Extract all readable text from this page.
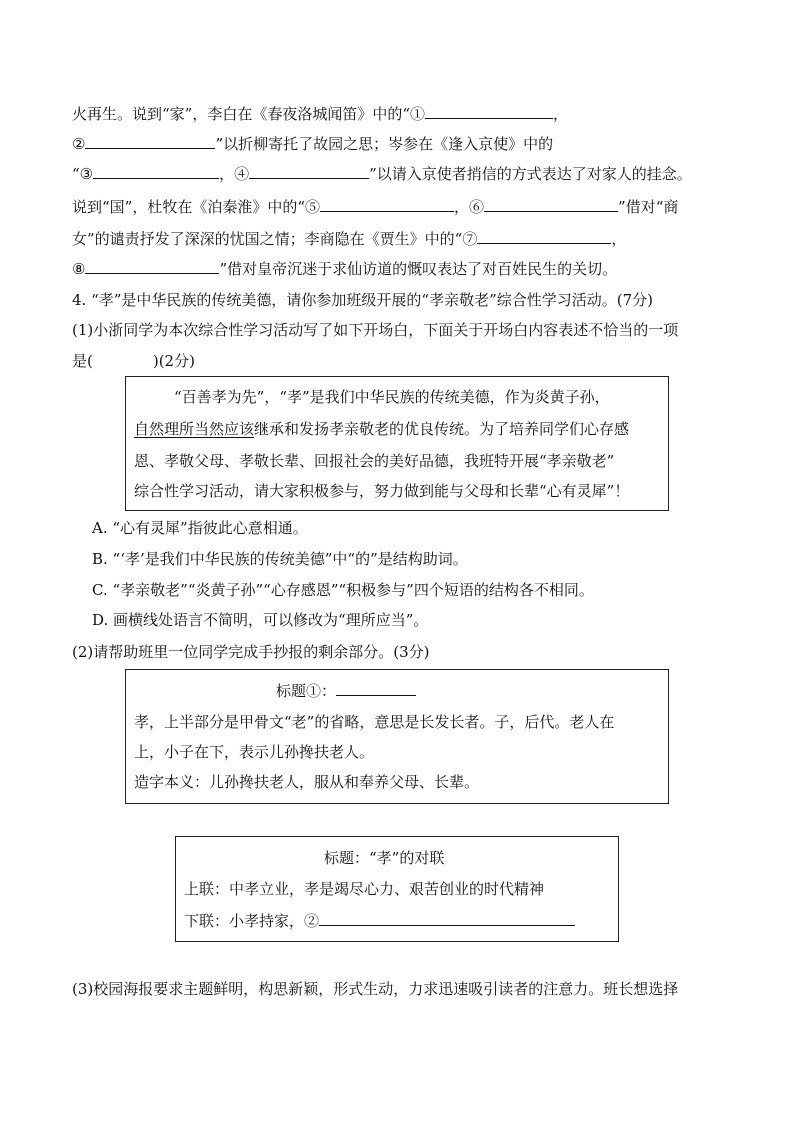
火再生。说到“家”，李白在《春夜洛城闻笛》中的“①	，
②	”以折柳寄托了故园之思；岑参在《逢入京使》中的
“③	，④	”以请入京使者捎信的方式表达了对家人的挂念。
说到“国”，杜牧在《泊秦淮》中的“⑤	，⑥	”借对“商
女”的谴责抒发了深深的忧国之情；李商隐在《贾生》中的“⑦	，
⑧	”借对皇帝沉迷于求仙访道的慨叹表达了对百姓民生的关切。
4. “孝”是中华民族的传统美德，请你参加班级开展的“孝亲敬老”综合性学习活动。(7分)
(1)小浙同学为本次综合性学习活动写了如下开场白，下面关于开场白内容表述不恰当的一项
是(　　　　)(2分)
“百善孝为先”，“孝”是我们中华民族的传统美德，作为炎黄子孙，
自然理所当然应该继承和发扬孝亲敬老的优良传统。为了培养同学们心存感
恩、孝敬父母、孝敬长辈、回报社会的美好品德，我班特开展“孝亲敬老”
综合性学习活动，请大家积极参与，努力做到能与父母和长辈“心有灵犀”！
A. “心有灵犀”指彼此心意相通。
B. “‘孝’是我们中华民族的传统美德”中“的”是结构助词。
C. “孝亲敬老”“炎黄子孙”“心存感恩”“积极参与”四个短语的结构各不相同。
D. 画横线处语言不简明，可以修改为“理所应当”。
(2)请帮助班里一位同学完成手抄报的剩余部分。(3分)
标题①：
孝，上半部分是甲骨文“老”的省略，意思是长发长者。子，后代。老人在
上，小子在下，表示儿孙搀扶老人。
造字本义：儿孙搀扶老人，服从和奉养父母、长辈。
标题：“孝”的对联
上联：中孝立业，孝是竭尽心力、艰苦创业的时代精神
下联：小孝持家，②
(3)校园海报要求主题鲜明，构思新颖，形式生动，力求迅速吸引读者的注意力。班长想选择
